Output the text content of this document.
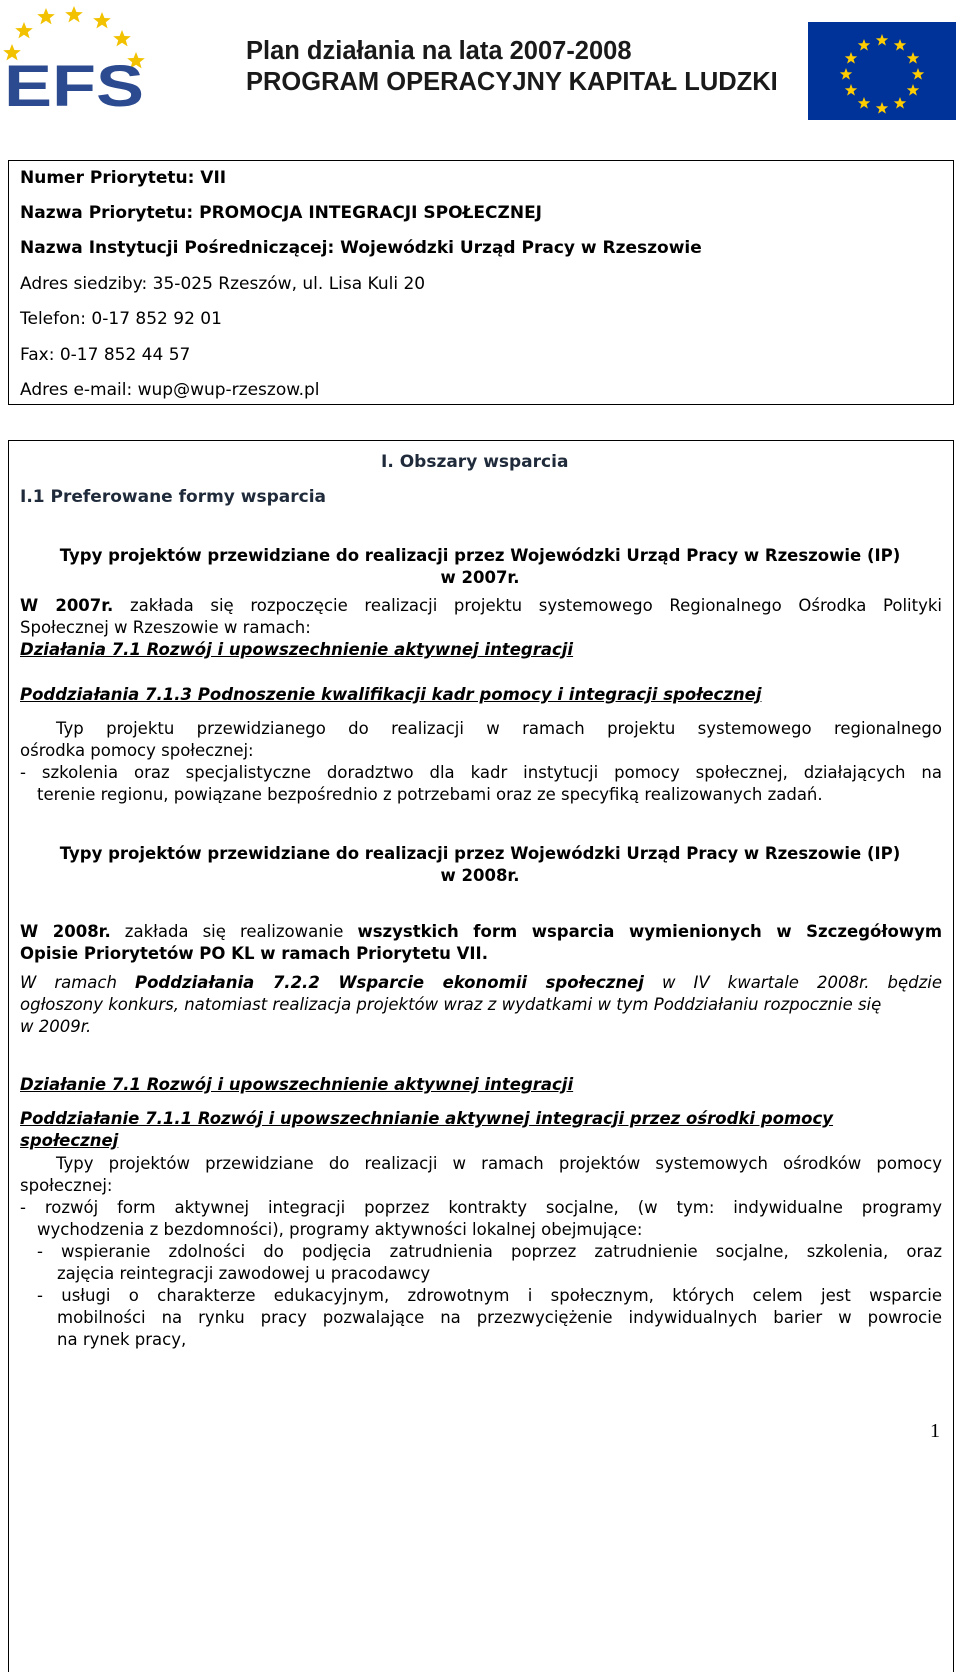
EFS
Plan działania na lata 2007-2008
PROGRAM OPERACYJNY KAPITAŁ LUDZKI
Numer Priorytetu: VII
Nazwa Priorytetu: PROMOCJA INTEGRACJI SPOŁECZNEJ
Nazwa Instytucji Pośredniczącej: Wojewódzki Urząd Pracy w Rzeszowie
Adres siedziby: 35-025 Rzeszów, ul. Lisa Kuli 20
Telefon: 0-17 852 92 01
Fax: 0-17 852 44 57
Adres e-mail: wup@wup-rzeszow.pl
I. Obszary wsparcia
I.1 Preferowane formy wsparcia
Typy projektów przewidziane do realizacji przez Wojewódzki Urząd Pracy w Rzeszowie (IP)
w 2007r.
W 2007r. zakłada się rozpoczęcie realizacji projektu systemowego Regionalnego Ośrodka Polityki
Społecznej w Rzeszowie w ramach:
Działania 7.1 Rozwój i upowszechnienie aktywnej integracji
Poddziałania 7.1.3 Podnoszenie kwalifikacji kadr pomocy i integracji społecznej
Typ projektu przewidzianego do realizacji w ramach projektu systemowego regionalnego
ośrodka pomocy społecznej:
- szkolenia oraz specjalistyczne doradztwo dla kadr instytucji pomocy społecznej, działających na
terenie regionu, powiązane bezpośrednio z potrzebami oraz ze specyfiką realizowanych zadań.
Typy projektów przewidziane do realizacji przez Wojewódzki Urząd Pracy w Rzeszowie (IP)
w 2008r.
W 2008r. zakłada się realizowanie wszystkich form wsparcia wymienionych w Szczegółowym
Opisie Priorytetów PO KL w ramach Priorytetu VII.
W ramach Poddziałania 7.2.2 Wsparcie ekonomii społecznej w IV kwartale 2008r. będzie
ogłoszony konkurs, natomiast realizacja projektów wraz z wydatkami w tym Poddziałaniu rozpocznie się
w 2009r.
Działanie 7.1 Rozwój i upowszechnienie aktywnej integracji
Poddziałanie 7.1.1 Rozwój i upowszechnianie aktywnej integracji przez ośrodki pomocy
społecznej
Typy projektów przewidziane do realizacji w ramach projektów systemowych ośrodków pomocy
społecznej:
- rozwój form aktywnej integracji poprzez kontrakty socjalne, (w tym: indywidualne programy
wychodzenia z bezdomności), programy aktywności lokalnej obejmujące:
- wspieranie zdolności do podjęcia zatrudnienia poprzez zatrudnienie socjalne, szkolenia, oraz
zajęcia reintegracji zawodowej u pracodawcy
- usługi o charakterze edukacyjnym, zdrowotnym i społecznym, których celem jest wsparcie
mobilności na rynku pracy pozwalające na przezwyciężenie indywidualnych barier w powrocie
na rynek pracy,
1
